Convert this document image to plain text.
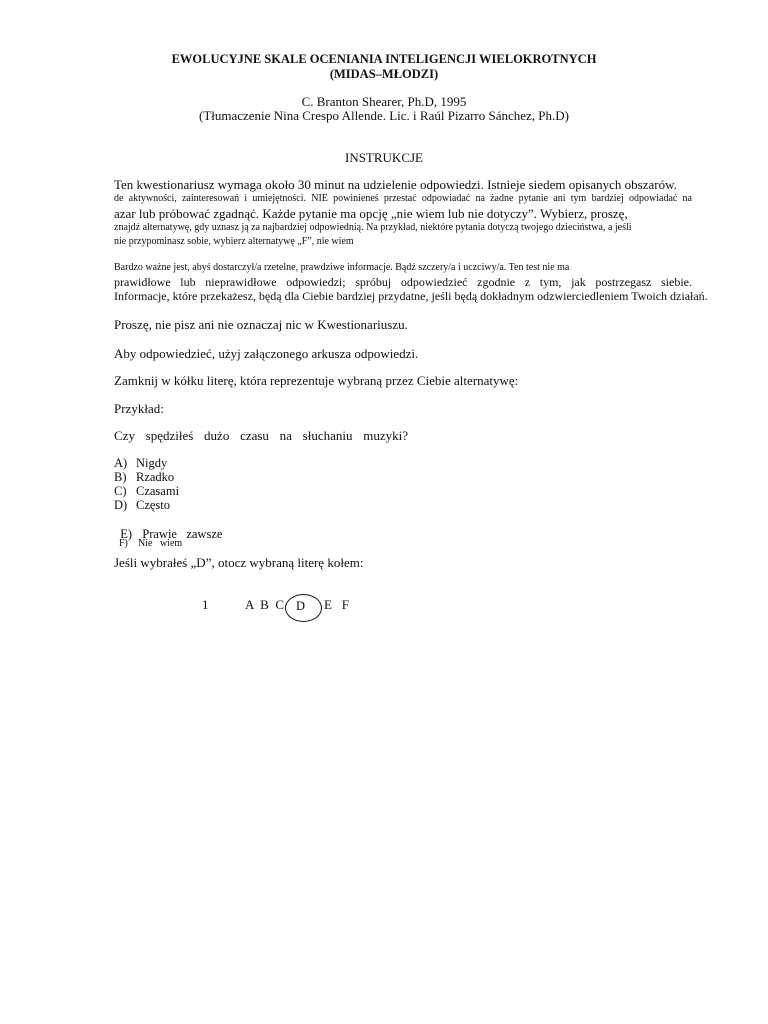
EWOLUCYJNE SKALE OCENIANIA INTELIGENCJI WIELOKROTNYCH
(MIDAS–MŁODZI)
C. Branton Shearer, Ph.D, 1995
(Tłumaczenie Nina Crespo Allende. Lic. i Raúl Pizarro Sánchez, Ph.D)
INSTRUKCJE
Ten kwestionariusz wymaga około 30 minut na udzielenie odpowiedzi. Istnieje siedem opisanych obszarów.
de aktywności, zainteresowań i umiejętności. NIE powinieneś przestać odpowiadać na żadne pytanie ani tym bardziej odpowiadać na
azar lub próbować zgadnąć. Każde pytanie ma opcję „nie wiem lub nie dotyczy”. Wybierz, proszę,
znajdź alternatywę, gdy uznasz ją za najbardziej odpowiednią. Na przykład, niektóre pytania dotyczą twojego dzieciństwa, a jeśli
nie przypominasz sobie, wybierz alternatywę „F”, nie wiem
Bardzo ważne jest, abyś dostarczył/a rzetelne, prawdziwe informacje. Bądź szczery/a i uczciwy/a. Ten test nie ma
prawidłowe lub nieprawidłowe odpowiedzi; spróbuj odpowiedzieć zgodnie z tym, jak postrzegasz siebie.
Informacje, które przekażesz, będą dla Ciebie bardziej przydatne, jeśli będą dokładnym odzwierciedleniem Twoich działań.
Proszę, nie pisz ani nie oznaczaj nic w Kwestionariuszu.
Aby odpowiedzieć, użyj załączonego arkusza odpowiedzi.
Zamknij w kółku literę, która reprezentuje wybraną przez Ciebie alternatywę:
Przykład:
Czy spędziłeś dużo czasu na słuchaniu muzyki?
A) Nigdy
B) Rzadko
C) Czasami
D) Często

E) Prawie   zawsze

F) Nie   wiem

Jeśli wybrałeś „D”, otocz wybraną literę kołem:
1	A  B  C D E   F
